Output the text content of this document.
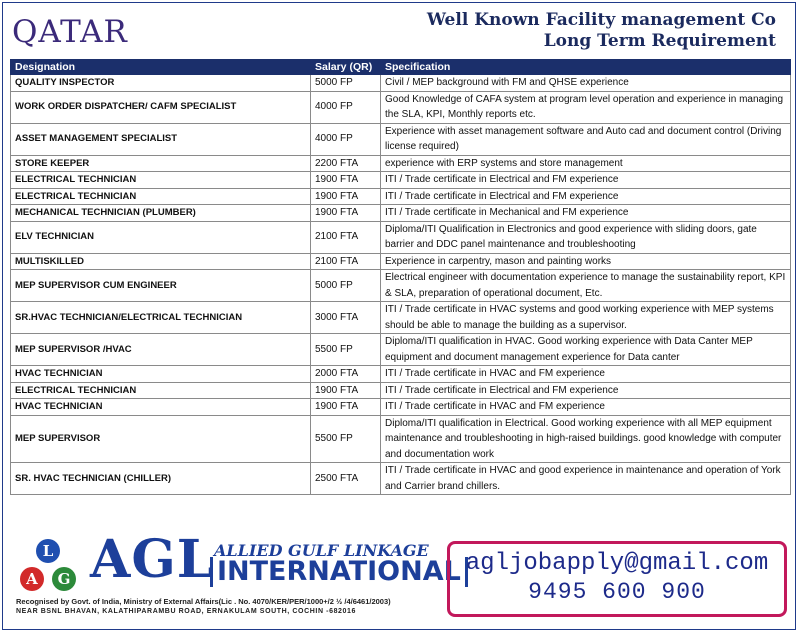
QATAR	Well Known Facility management Co
Long Term Requirement
Designation	Salary (QR)	Specification
QUALITY INSPECTOR	5000 FP	Civil / MEP background with FM and QHSE experience
WORK ORDER DISPATCHER/ CAFM SPECIALIST	4000 FP	Good Knowledge of CAFA system at program level operation and experience in managing the SLA, KPI, Monthly reports etc.
ASSET MANAGEMENT SPECIALIST	4000 FP	Experience with asset management software and Auto cad and document control (Driving license required)
STORE KEEPER	2200 FTA	experience with ERP systems and store management
ELECTRICAL TECHNICIAN	1900 FTA	ITI / Trade certificate in Electrical and FM experience
ELECTRICAL TECHNICIAN	1900 FTA	ITI / Trade certificate in Electrical and FM experience
MECHANICAL TECHNICIAN (PLUMBER)	1900 FTA	ITI / Trade certificate in Mechanical and FM experience
ELV TECHNICIAN	2100 FTA	Diploma/ITI Qualification in Electronics and good experience with sliding doors, gate barrier and DDC panel maintenance and troubleshooting
MULTISKILLED	2100 FTA	Experience in carpentry, mason and painting works
MEP SUPERVISOR CUM ENGINEER	5000 FP	Electrical engineer with documentation experience to manage the sustainability report, KPI & SLA, preparation of operational document, Etc.
SR.HVAC TECHNICIAN/ELECTRICAL TECHNICIAN	3000 FTA	ITI / Trade certificate in HVAC systems and good working experience with MEP systems should be able to manage the building as a supervisor.
MEP SUPERVISOR /HVAC	5500 FP	Diploma/ITI qualification in HVAC. Good working experience with Data Canter MEP equipment and document management experience for Data canter
HVAC TECHNICIAN	2000 FTA	ITI / Trade certificate in HVAC and FM experience
ELECTRICAL TECHNICIAN	1900 FTA	ITI / Trade certificate in Electrical and FM experience
HVAC TECHNICIAN	1900 FTA	ITI / Trade certificate in HVAC and FM experience
MEP SUPERVISOR	5500 FP	Diploma/ITI qualification in Electrical. Good working experience with all MEP equipment maintenance and troubleshooting in high-raised buildings. good knowledge with computer and documentation work
SR. HVAC TECHNICIAN (CHILLER)	2500 FTA	ITI / Trade certificate in HVAC and good experience in maintenance and operation of York and Carrier brand chillers.
L
A	G AGL ALLIED GULF LINKAGE
INTERNATIONAL
Recognised by Govt. of India, Ministry of External Affairs(Lic . No. 4070/KER/PER/1000+/2 ½ /4/6461/2003)
NEAR BSNL BHAVAN, KALATHIPARAMBU ROAD, ERNAKULAM SOUTH, COCHIN -682016
agljobapply@gmail.com
9495 600 900
